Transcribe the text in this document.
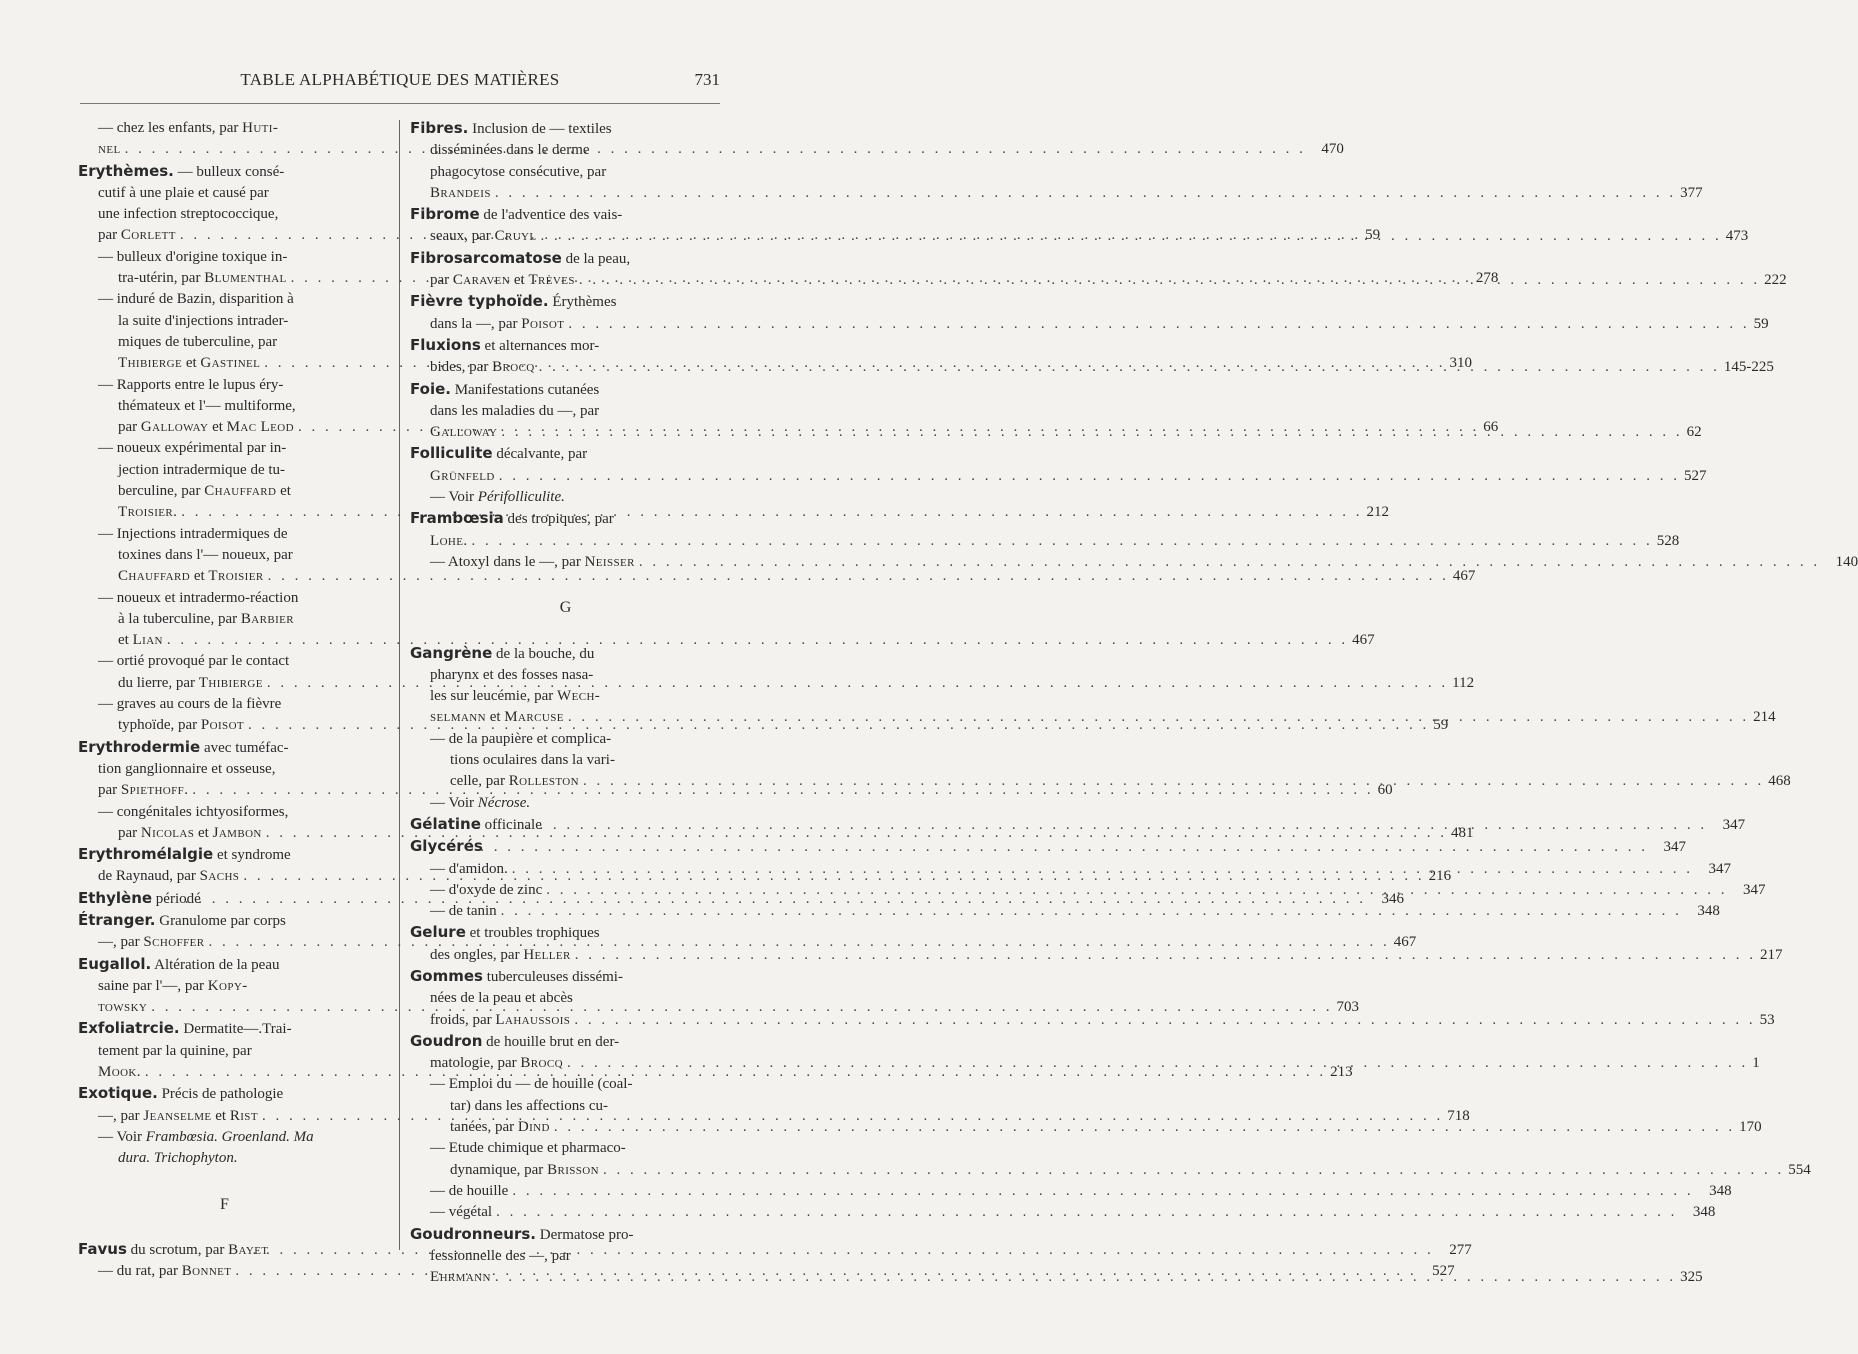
TABLE ALPHABÉTIQUE DES MATIÈRES	731
— chez les enfants, par Huti-
nel . . .	470
Erythèmes. — bulleux consé-
cutif à une plaie et causé par
une infection streptococcique,
par Corlett . . .	59
— bulleux d'origine toxique in-
tra-utérin, par Blumenthal . . .	278
— induré de Bazin, disparition à
la suite d'injections intrader-
miques de tuberculine, par
Thibierge et Gastinel . . .	310
— Rapports entre le lupus éry-
thémateux et l'— multiforme,
par Galloway et Mac Leod . . .	66
— noueux expérimental par in-
jection intradermique de tu-
berculine, par Chauffard et
Troisier. . . .	212
— Injections intradermiques de
toxines dans l'— noueux, par
Chauffard et Troisier . . .	467
— noueux et intradermo-réaction
à la tuberculine, par Barbier
et Lian . . .	467
— ortié provoqué par le contact
du lierre, par Thibierge . . .	112
— graves au cours de la fièvre
typhoïde, par Poisot . . .	59
Erythrodermie avec tuméfac-
tion ganglionnaire et osseuse,
par Spiethoff. . . .	60
— congénitales ichtyosiformes,
par Nicolas et Jambon . . .	481
Erythromélalgie et syndrome
de Raynaud, par Sachs . . .	216
Ethylène périodé . . .	346
Étranger. Granulome par corps
—, par Schoffer . . .	467
Eugallol. Altération de la peau
saine par l'—, par Kopy-
towsky . . .	703
Exfoliatrcie. Dermatite—.Trai-
tement par la quinine, par
Mook. . . .	213
Exotique. Précis de pathologie
—, par Jeanselme et Rist . . .	718
— Voir Frambœsia. Groenland. Ma
dura. Trichophyton.
F
Favus du scrotum, par Bayet . . .	277
— du rat, par Bonnet . . .	527
Fibres. Inclusion de — textiles
disséminées dans le derme
phagocytose consécutive, par
Brandeis . . .	377
Fibrome de l'adventice des vais-
seaux, par Cruyl . . .	473
Fibrosarcomatose de la peau,
par Caraven et Trèves . . .	222
Fièvre typhoïde. Érythèmes
dans la —, par Poisot . . .	59
Fluxions et alternances mor-
bides, par Brocq . . .	145-225
Foie. Manifestations cutanées
dans les maladies du —, par
Galloway . . .	62
Folliculite décalvante, par
Grünfeld . . .	527
— Voir Périfolliculite.
Frambœsia des tropiques, par
Lohe. . . .	528
— Atoxyl dans le —, par Neisser . . .	140
G
Gangrène de la bouche, du
pharynx et des fosses nasa-
les sur leucémie, par Wech-
selmann et Marcuse . . .	214
— de la paupière et complica-
tions oculaires dans la vari-
celle, par Rolleston . . .	468
— Voir Nécrose.
Gélatine officinale . . .	347
Glycérés . . .	347
— d'amidon. . . .	347
— d'oxyde de zinc . . .	347
— de tanin . . .	348
Gelure et troubles trophiques
des ongles, par Heller . . .	217
Gommes tuberculeuses dissémi-
nées de la peau et abcès
froids, par Lahaussois . . .	53
Goudron de houille brut en der-
matologie, par Brocq . . .	1
— Emploi du — de houille (coal-
tar) dans les affections cu-
tanées, par Dind . . .	170
— Etude chimique et pharmaco-
dynamique, par Brisson . . .	554
— de houille . . .	348
— végétal . . .	348
Goudronneurs. Dermatose pro-
fessionnelle des —, par
Ehrmann . . .	325
